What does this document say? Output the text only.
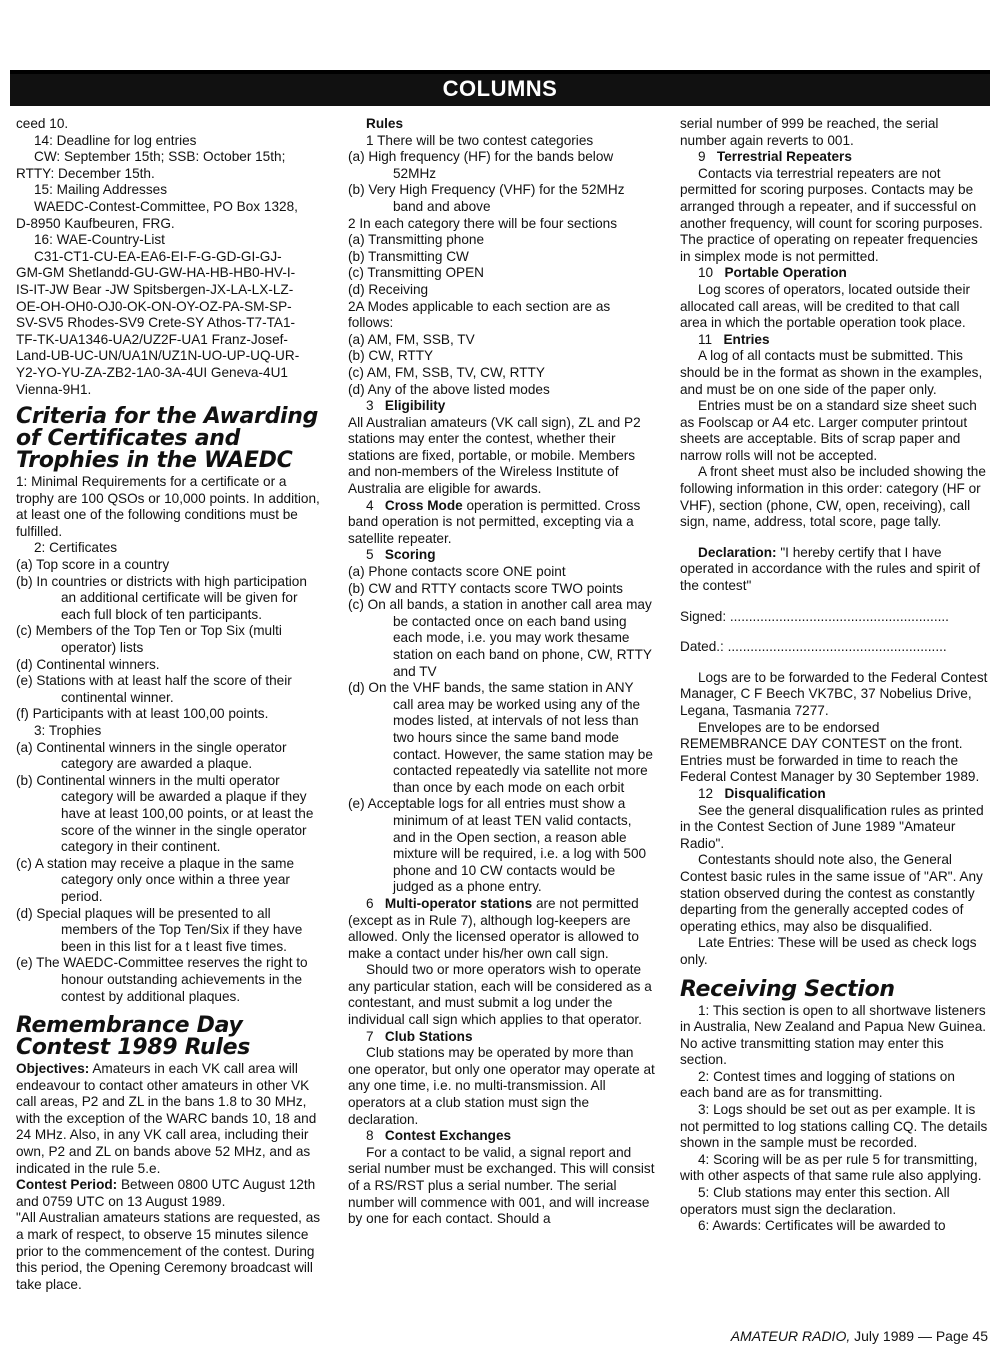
COLUMNS
ceed 10.
14: Deadline for log entries
CW: September 15th; SSB: October 15th;
RTTY: December 15th.
15: Mailing Addresses
WAEDC-Contest-Committee, PO Box 1328,
D-8950 Kaufbeuren, FRG.
16: WAE-Country-List
C31-CT1-CU-EA-EA6-EI-F-G-GD-GI-GJ-
GM-GM Shetlandd-GU-GW-HA-HB-HB0-HV-I-
IS-IT-JW Bear -JW Spitsbergen-JX-LA-LX-LZ-
OE-OH-OH0-OJ0-OK-ON-OY-OZ-PA-SM-SP-
SV-SV5 Rhodes-SV9 Crete-SY Athos-T7-TA1-
TF-TK-UA1346-UA2/UZ2F-UA1 Franz-Josef-
Land-UB-UC-UN/UA1N/UZ1N-UO-UP-UQ-UR-
Y2-YO-YU-ZA-ZB2-1A0-3A-4UI Geneva-4U1
Vienna-9H1.
Criteria for the Awarding
of Certificates and
Trophies in the WAEDC
1: Minimal Requirements for a certificate or a trophy are 100 QSOs or 10,000 points. In addition, at least one of the following conditions must be fulfilled.
2: Certificates
(a) Top score in a country
(b) In countries or districts with high participation an additional certificate will be given for each full block of ten participants.
(c) Members of the Top Ten or Top Six (multi operator) lists
(d) Continental winners.
(e) Stations with at least half the score of their continental winner.
(f) Participants with at least 100,00 points.
3: Trophies
(a) Continental winners in the single operator category are awarded a plaque.
(b) Continental winners in the multi operator category will be awarded a plaque if they have at least 100,00 points, or at least the score of the winner in the single operator category in their continent.
(c) A station may receive a plaque in the same category only once within a three year period.
(d) Special plaques will be presented to all members of the Top Ten/Six if they have been in this list for a t least five times.
(e) The WAEDC-Committee reserves the right to honour outstanding achievements in the contest by additional plaques.
Remembrance Day
Contest 1989 Rules
Objectives: Amateurs in each VK call area will endeavour to contact other amateurs in other VK call areas, P2 and ZL in the bans 1.8 to 30 MHz, with the exception of the WARC bands 10, 18 and 24 MHz. Also, in any VK call area, including their own, P2 and ZL on bands above 52 MHz, and as indicated in the rule 5.e.
Contest Period: Between 0800 UTC August 12th and 0759 UTC on 13 August 1989.
"All Australian amateurs stations are requested, as a mark of respect, to observe 15 minutes silence prior to the commencement of the contest. During this period, the Opening Ceremony broadcast will take place.
Rules
1 There will be two contest categories
(a) High frequency (HF) for the bands below 52MHz
(b) Very High Frequency (VHF) for the 52MHz band and above
2 In each category there will be four sections
(a) Transmitting phone
(b) Transmitting CW
(c) Transmitting OPEN
(d) Receiving
2A Modes applicable to each section are as follows:
(a) AM, FM, SSB, TV
(b) CW, RTTY
(c) AM, FM, SSB, TV, CW, RTTY
(d) Any of the above listed modes
3 Eligibility
All Australian amateurs (VK call sign), ZL and P2 stations may enter the contest, whether their stations are fixed, portable, or mobile. Members and non-members of the Wireless Institute of Australia are eligible for awards.
4 Cross Mode operation is permitted. Cross band operation is not permitted, excepting via a satellite repeater.
5 Scoring
(a) Phone contacts score ONE point
(b) CW and RTTY contacts score TWO points
(c) On all bands, a station in another call area may be contacted once on each band using each mode, i.e. you may work thesame station on each band on phone, CW, RTTY and TV
(d) On the VHF bands, the same station in ANY call area may be worked using any of the modes listed, at intervals of not less than two hours since the same band mode contact. However, the same station may be contacted repeatedly via satellite not more than once by each mode on each orbit
(e) Acceptable logs for all entries must show a minimum of at least TEN valid contacts, and in the Open section, a reason able mixture will be required, i.e. a log with 500 phone and 10 CW contacts would be judged as a phone entry.
6 Multi-operator stations are not permitted (except as in Rule 7), although log-keepers are allowed. Only the licensed operator is allowed to make a contact under his/her own call sign.
Should two or more operators wish to operate any particular station, each will be considered as a contestant, and must submit a log under the individual call sign which applies to that operator.
7 Club Stations
Club stations may be operated by more than one operator, but only one operator may operate at any one time, i.e. no multi-transmission. All operators at a club station must sign the declaration.
8 Contest Exchanges
For a contact to be valid, a signal report and serial number must be exchanged. This will consist of a RS/RST plus a serial number. The serial number will commence with 001, and will increase by one for each contact. Should a
serial number of 999 be reached, the serial number again reverts to 001.
9 Terrestrial Repeaters
Contacts via terrestrial repeaters are not permitted for scoring purposes. Contacts may be arranged through a repeater, and if successful on another frequency, will count for scoring purposes. The practice of operating on repeater frequencies in simplex mode is not permitted.
10 Portable Operation
Log scores of operators, located outside their allocated call areas, will be credited to that call area in which the portable operation took place.
11 Entries
A log of all contacts must be submitted. This should be in the format as shown in the examples, and must be on one side of the paper only.
Entries must be on a standard size sheet such as Foolscap or A4 etc. Larger computer printout sheets are acceptable. Bits of scrap paper and narrow rolls will not be accepted.
A front sheet must also be included showing the following information in this order: category (HF or VHF), section (phone, CW, open, receiving), call sign, name, address, total score, page tally.
Declaration: "I hereby certify that I have operated in accordance with the rules and spirit of the contest"
Signed: ..........................................................
Dated.: ..........................................................
Logs are to be forwarded to the Federal Contest Manager, C F Beech VK7BC, 37 Nobelius Drive, Legana, Tasmania 7277.
Envelopes are to be endorsed REMEMBRANCE DAY CONTEST on the front. Entries must be forwarded in time to reach the Federal Contest Manager by 30 September 1989.
12 Disqualification
See the general disqualification rules as printed in the Contest Section of June 1989 "Amateur Radio".
Contestants should note also, the General Contest basic rules in the same issue of "AR". Any station observed during the contest as constantly departing from the generally accepted codes of operating ethics, may also be disqualified.
Late Entries: These will be used as check logs only.
Receiving Section
1: This section is open to all shortwave listeners in Australia, New Zealand and Papua New Guinea. No active transmitting station may enter this section.
2: Contest times and logging of stations on each band are as for transmitting.
3: Logs should be set out as per example. It is not permitted to log stations calling CQ. The details shown in the sample must be recorded.
4: Scoring will be as per rule 5 for transmitting, with other aspects of that same rule also applying.
5: Club stations may enter this section. All operators must sign the declaration.
6: Awards: Certificates will be awarded to
AMATEUR RADIO, July 1989 — Page 45
